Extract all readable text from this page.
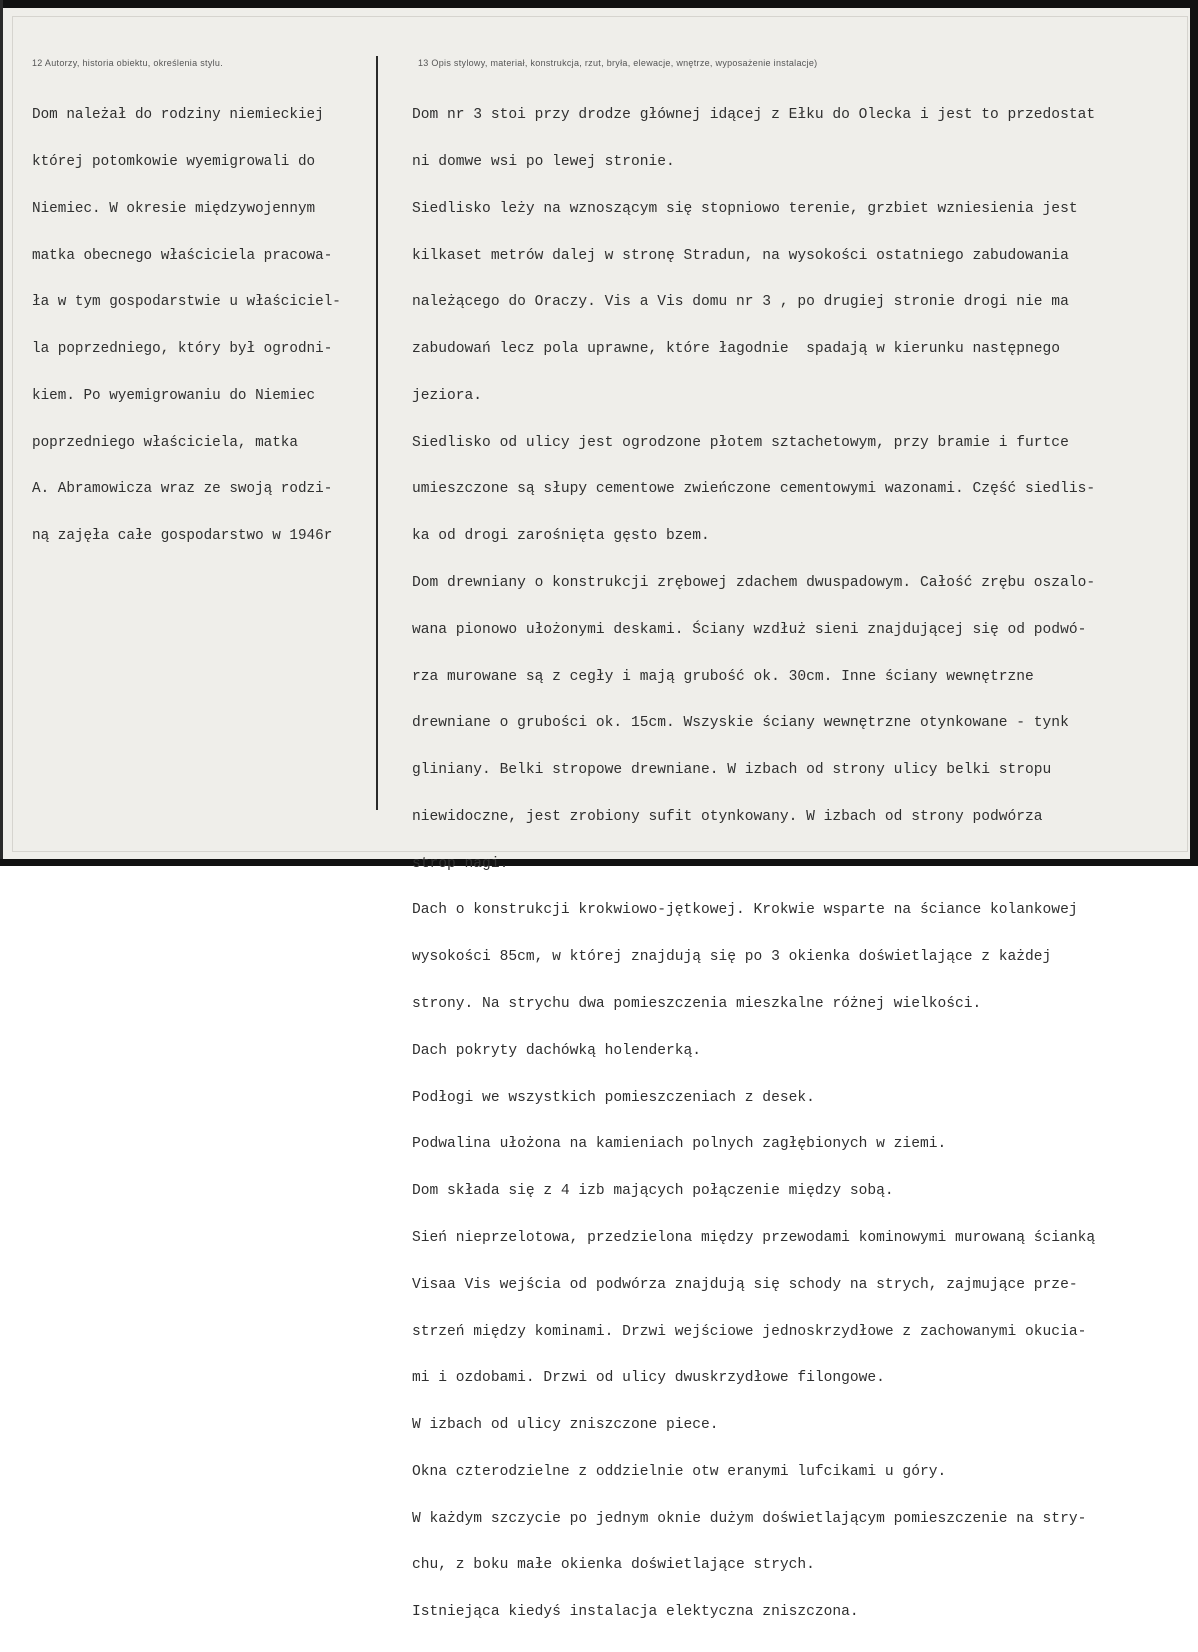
12 Autorzy, historia obiektu, określenia stylu.	13 Opis stylowy, materiał, konstrukcja, rzut, bryła, elewacje, wnętrze, wyposażenie instalacje)

Dom należał do rodziny niemieckiej

której potomkowie wyemigrowali do

Niemiec. W okresie międzywojennym

matka obecnego właściciela pracowa-

ła w tym gospodarstwie u właściciel-

la poprzedniego, który był ogrodni-

kiem. Po wyemigrowaniu do Niemiec

poprzedniego właściciela, matka

A. Abramowicza wraz ze swoją rodzi-

ną zajęła całe gospodarstwo w 1946r

Dom nr 3 stoi przy drodze głównej idącej z Ełku do Olecka i jest to przedostat

ni domwe wsi po lewej stronie.

Siedlisko leży na wznoszącym się stopniowo terenie, grzbiet wzniesienia jest

kilkaset metrów dalej w stronę Stradun, na wysokości ostatniego zabudowania

należącego do Oraczy. Vis a Vis domu nr 3 , po drugiej stronie drogi nie ma

zabudowań lecz pola uprawne, które łagodnie  spadają w kierunku następnego

jeziora.

Siedlisko od ulicy jest ogrodzone płotem sztachetowym, przy bramie i furtce

umieszczone są słupy cementowe zwieńczone cementowymi wazonami. Część siedlis-

ka od drogi zarośnięta gęsto bzem.

Dom drewniany o konstrukcji zrębowej zdachem dwuspadowym. Całość zrębu oszalo-

wana pionowo ułożonymi deskami. Ściany wzdłuż sieni znajdującej się od podwó-

rza murowane są z cegły i mają grubość ok. 30cm. Inne ściany wewnętrzne

drewniane o grubości ok. 15cm. Wszyskie ściany wewnętrzne otynkowane - tynk

gliniany. Belki stropowe drewniane. W izbach od strony ulicy belki stropu

niewidoczne, jest zrobiony sufit otynkowany. W izbach od strony podwórza

strop nagi.

Dach o konstrukcji krokwiowo-jętkowej. Krokwie wsparte na ściance kolankowej

wysokości 85cm, w której znajdują się po 3 okienka doświetlające z każdej

strony. Na strychu dwa pomieszczenia mieszkalne różnej wielkości.

Dach pokryty dachówką holenderką.

Podłogi we wszystkich pomieszczeniach z desek.

Podwalina ułożona na kamieniach polnych zagłębionych w ziemi.

Dom składa się z 4 izb mających połączenie między sobą.

Sień nieprzelotowa, przedzielona między przewodami kominowymi murowaną ścianką

Visaa Vis wejścia od podwórza znajdują się schody na strych, zajmujące prze-

strzeń między kominami. Drzwi wejściowe jednoskrzydłowe z zachowanymi okucia-

mi i ozdobami. Drzwi od ulicy dwuskrzydłowe filongowe.

W izbach od ulicy zniszczone piece.

Okna czterodzielne z oddzielnie otw eranymi lufcikami u góry.

W każdym szczycie po jednym oknie dużym doświetlającym pomieszczenie na stry-

chu, z boku małe okienka doświetlające strych.

Istniejąca kiedyś instalacja elektyczna zniszczona.
